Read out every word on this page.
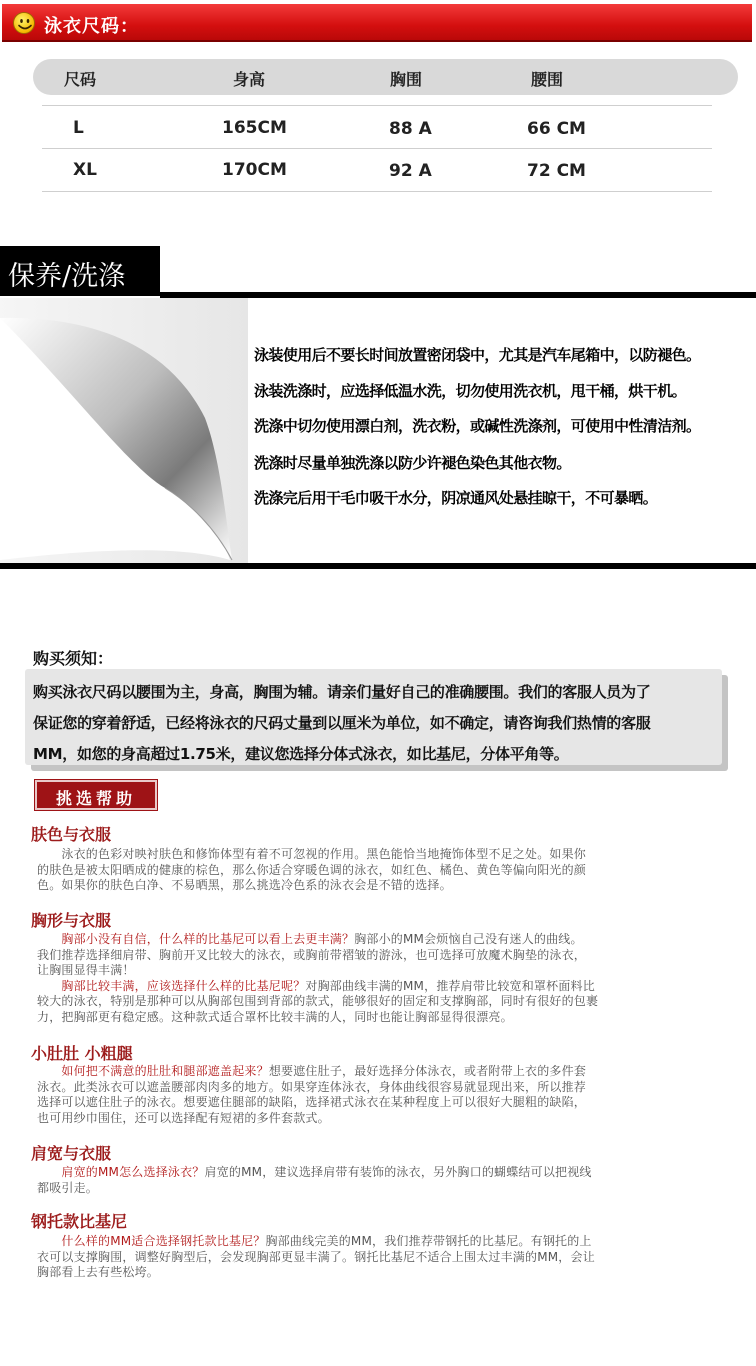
泳衣尺码：
尺码	身高	胸围	腰围
L	165CM	88 A	66 CM
XL	170CM	92 A	72 CM
保养/洗涤
泳装使用后不要长时间放置密闭袋中，尤其是汽车尾箱中，以防褪色。
泳装洗涤时，应选择低温水洗，切勿使用洗衣机，甩干桶，烘干机。
洗涤中切勿使用漂白剂，洗衣粉，或碱性洗涤剂，可使用中性清洁剂。
洗涤时尽量单独洗涤以防少许褪色染色其他衣物。
洗涤完后用干毛巾吸干水分，阴凉通风处悬挂晾干，不可暴晒。
购买须知：
购买泳衣尺码以腰围为主，身高，胸围为辅。请亲们量好自己的准确腰围。我们的客服人员为了
保证您的穿着舒适，已经将泳衣的尺码丈量到以厘米为单位，如不确定，请咨询我们热情的客服
MM，如您的身高超过1.75米，建议您选择分体式泳衣，如比基尼，分体平角等。
挑选帮助
肤色与衣服
　　泳衣的色彩对映衬肤色和修饰体型有着不可忽视的作用。黑色能恰当地掩饰体型不足之处。如果你
的肤色是被太阳晒成的健康的棕色，那么你适合穿暖色调的泳衣，如红色、橘色、黄色等偏向阳光的颜
色。如果你的肤色白净、不易晒黑，那么挑选冷色系的泳衣会是不错的选择。
胸形与衣服
　　胸部小没有自信，什么样的比基尼可以看上去更丰满？胸部小的MM会烦恼自己没有迷人的曲线。
我们推荐选择细肩带、胸前开叉比较大的泳衣，或胸前带褶皱的游泳，也可选择可放魔术胸垫的泳衣，
让胸围显得丰满！
　　胸部比较丰满，应该选择什么样的比基尼呢？对胸部曲线丰满的MM，推荐肩带比较宽和罩杯面料比
较大的泳衣，特别是那种可以从胸部包围到背部的款式，能够很好的固定和支撑胸部，同时有很好的包裹
力，把胸部更有稳定感。这种款式适合罩杯比较丰满的人，同时也能让胸部显得很漂亮。
小肚肚 小粗腿
　　如何把不满意的肚肚和腿部遮盖起来？想要遮住肚子，最好选择分体泳衣，或者附带上衣的多件套
泳衣。此类泳衣可以遮盖腰部肉肉多的地方。如果穿连体泳衣，身体曲线很容易就显现出来，所以推荐
选择可以遮住肚子的泳衣。想要遮住腿部的缺陷，选择裙式泳衣在某种程度上可以很好大腿粗的缺陷，
也可用纱巾围住，还可以选择配有短裙的多件套款式。
肩宽与衣服
　　肩宽的MM怎么选择泳衣？肩宽的MM，建议选择肩带有装饰的泳衣，另外胸口的蝴蝶结可以把视线
都吸引走。
钢托款比基尼
　　什么样的MM适合选择钢托款比基尼？胸部曲线完美的MM，我们推荐带钢托的比基尼。有钢托的上
衣可以支撑胸围，调整好胸型后，会发现胸部更显丰满了。钢托比基尼不适合上围太过丰满的MM，会让
胸部看上去有些松垮。
